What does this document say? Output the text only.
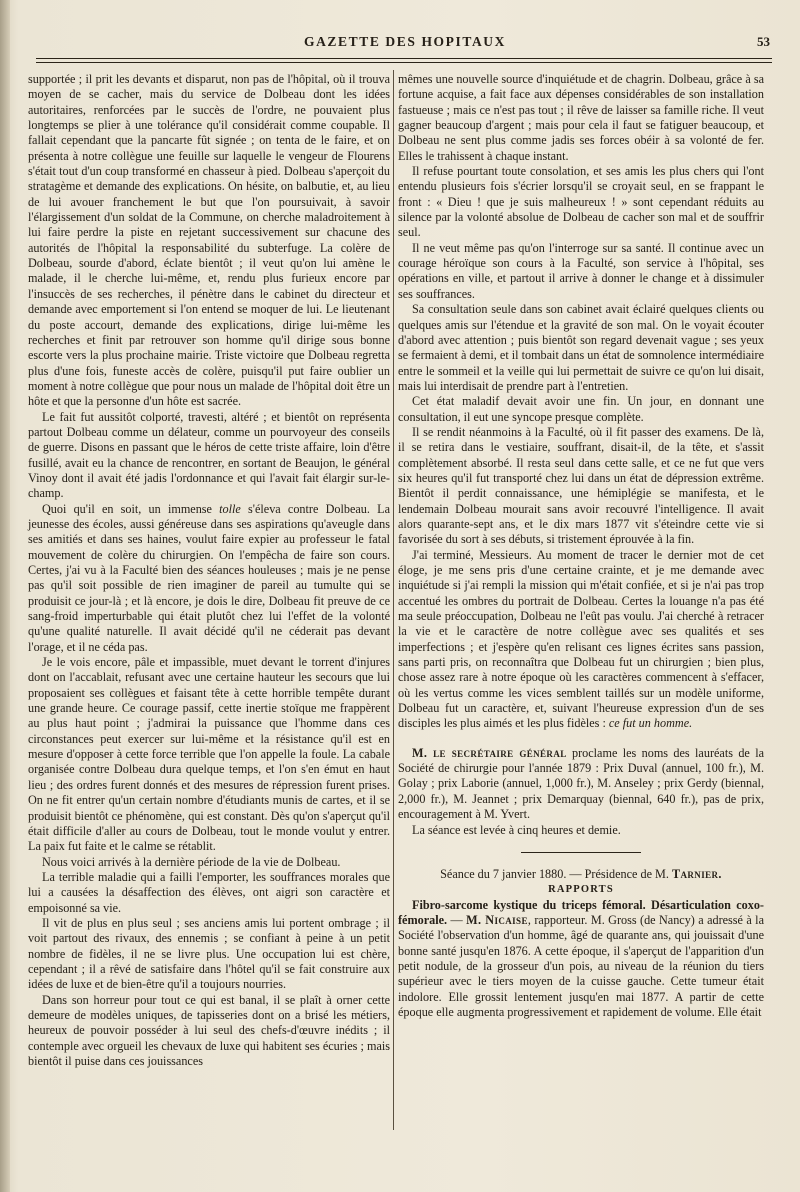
GAZETTE DES HOPITAUX	53

supportée ; il prit les devants et disparut, non pas de l'hôpital, où il trouva moyen de se cacher, mais du service de Dolbeau dont les idées autoritaires, renforcées par le succès de l'ordre, ne pouvaient plus longtemps se plier à une tolérance qu'il considérait comme coupable. Il fallait cependant que la pancarte fût signée ; on tenta de le faire, et on présenta à notre collègue une feuille sur laquelle le vengeur de Flourens s'était tout d'un coup transformé en chasseur à pied. Dolbeau s'aperçoit du stratagème et demande des explications. On hésite, on balbutie, et, au lieu de lui avouer franchement le but que l'on poursuivait, à savoir l'élargissement d'un soldat de la Commune, on cherche maladroitement à lui faire perdre la piste en rejetant successivement sur chacune des autorités de l'hôpital la responsabilité du subterfuge. La colère de Dolbeau, sourde d'abord, éclate bientôt ; il veut qu'on lui amène le malade, il le cherche lui-même, et, rendu plus furieux encore par l'insuccès de ses recherches, il pénètre dans le cabinet du directeur et demande avec emportement si l'on entend se moquer de lui. Le lieutenant du poste accourt, demande des explications, dirige lui-même les recherches et finit par retrouver son homme qu'il dirige sous bonne escorte vers la plus prochaine mairie. Triste victoire que Dolbeau regretta plus d'une fois, funeste accès de colère, puisqu'il put faire oublier un moment à notre collègue que pour nous un malade de l'hôpital doit être un hôte et que la personne d'un hôte est sacrée.

Le fait fut aussitôt colporté, travesti, altéré ; et bientôt on représenta partout Dolbeau comme un délateur, comme un pourvoyeur des conseils de guerre. Disons en passant que le héros de cette triste affaire, loin d'être fusillé, avait eu la chance de rencontrer, en sortant de Beaujon, le général Vinoy dont il avait été jadis l'ordonnance et qui l'avait fait élargir sur-le-champ.

Quoi qu'il en soit, un immense tolle s'éleva contre Dolbeau. La jeunesse des écoles, aussi généreuse dans ses aspirations qu'aveugle dans ses amitiés et dans ses haines, voulut faire expier au professeur le fatal mouvement de colère du chirurgien. On l'empêcha de faire son cours. Certes, j'ai vu à la Faculté bien des séances houleuses ; mais je ne pense pas qu'il soit possible de rien imaginer de pareil au tumulte qui se produisit ce jour-là ; et là encore, je dois le dire, Dolbeau fit preuve de ce sang-froid imperturbable qui était plutôt chez lui l'effet de la volonté qu'une qualité naturelle. Il avait décidé qu'il ne céderait pas devant l'orage, et il ne céda pas.

Je le vois encore, pâle et impassible, muet devant le torrent d'injures dont on l'accablait, refusant avec une certaine hauteur les secours que lui proposaient ses collègues et faisant tête à cette horrible tempête durant une grande heure. Ce courage passif, cette inertie stoïque me frappèrent au plus haut point ; j'admirai la puissance que l'homme dans ces circonstances peut exercer sur lui-même et la résistance qu'il est en mesure d'opposer à cette force terrible que l'on appelle la foule. La cabale organisée contre Dolbeau dura quelque temps, et l'on s'en émut en haut lieu ; des ordres furent donnés et des mesures de répression furent prises. On ne fit entrer qu'un certain nombre d'étudiants munis de cartes, et il se produisit bientôt ce phénomène, qui est constant. Dès qu'on s'aperçut qu'il était difficile d'aller au cours de Dolbeau, tout le monde voulut y entrer. La paix fut faite et le calme se rétablit.

Nous voici arrivés à la dernière période de la vie de Dolbeau.

La terrible maladie qui a failli l'emporter, les souffrances morales que lui a causées la désaffection des élèves, ont aigri son caractère et empoisonné sa vie.

Il vit de plus en plus seul ; ses anciens amis lui portent ombrage ; il voit partout des rivaux, des ennemis ; se confiant à peine à un petit nombre de fidèles, il ne se livre plus. Une occupation lui est chère, cependant ; il a rêvé de satisfaire dans l'hôtel qu'il se fait construire aux idées de luxe et de bien-être qu'il a toujours nourries.

Dans son horreur pour tout ce qui est banal, il se plaît à orner cette demeure de modèles uniques, de tapisseries dont on a brisé les métiers, heureux de pouvoir posséder à lui seul des chefs-d'œuvre inédits ; il contemple avec orgueil les chevaux de luxe qui habitent ses écuries ; mais bientôt il puise dans ces jouissances

mêmes une nouvelle source d'inquiétude et de chagrin. Dolbeau, grâce à sa fortune acquise, a fait face aux dépenses considérables de son installation fastueuse ; mais ce n'est pas tout ; il rêve de laisser sa famille riche. Il veut gagner beaucoup d'argent ; mais pour cela il faut se fatiguer beaucoup, et Dolbeau ne sent plus comme jadis ses forces obéir à sa volonté de fer. Elles le trahissent à chaque instant.

Il refuse pourtant toute consolation, et ses amis les plus chers qui l'ont entendu plusieurs fois s'écrier lorsqu'il se croyait seul, en se frappant le front : « Dieu ! que je suis malheureux ! » sont cependant réduits au silence par la volonté absolue de Dolbeau de cacher son mal et de souffrir seul.

Il ne veut même pas qu'on l'interroge sur sa santé. Il continue avec un courage héroïque son cours à la Faculté, son service à l'hôpital, ses opérations en ville, et partout il arrive à donner le change et à dissimuler ses souffrances.

Sa consultation seule dans son cabinet avait éclairé quelques clients ou quelques amis sur l'étendue et la gravité de son mal. On le voyait écouter d'abord avec attention ; puis bientôt son regard devenait vague ; ses yeux se fermaient à demi, et il tombait dans un état de somnolence intermédiaire entre le sommeil et la veille qui lui permettait de suivre ce qu'on lui disait, mais lui interdisait de prendre part à l'entretien.

Cet état maladif devait avoir une fin. Un jour, en donnant une consultation, il eut une syncope presque complète.

Il se rendit néanmoins à la Faculté, où il fit passer des examens. De là, il se retira dans le vestiaire, souffrant, disait-il, de la tête, et s'assit complètement absorbé. Il resta seul dans cette salle, et ce ne fut que vers six heures qu'il fut transporté chez lui dans un état de dépression extrême. Bientôt il perdit connaissance, une hémiplégie se manifesta, et le lendemain Dolbeau mourait sans avoir recouvré l'intelligence. Il avait alors quarante-sept ans, et le dix mars 1877 vit s'éteindre cette vie si favorisée du sort à ses débuts, si tristement éprouvée à la fin.

J'ai terminé, Messieurs. Au moment de tracer le dernier mot de cet éloge, je me sens pris d'une certaine crainte, et je me demande avec inquiétude si j'ai rempli la mission qui m'était confiée, et si je n'ai pas trop accentué les ombres du portrait de Dolbeau. Certes la louange n'a pas été ma seule préoccupation, Dolbeau ne l'eût pas voulu. J'ai cherché à retracer la vie et le caractère de notre collègue avec ses qualités et ses imperfections ; et j'espère qu'en relisant ces lignes écrites sans passion, sans parti pris, on reconnaîtra que Dolbeau fut un chirurgien ; bien plus, chose assez rare à notre époque où les caractères commencent à s'effacer, où les vertus comme les vices semblent taillés sur un modèle uniforme, Dolbeau fut un caractère, et, suivant l'heureuse expression d'un de ses disciples les plus aimés et les plus fidèles : ce fut un homme.

M. le secrétaire général proclame les noms des lauréats de la Société de chirurgie pour l'année 1879 : Prix Duval (annuel, 100 fr.), M. Golay ; prix Laborie (annuel, 1,000 fr.), M. Anseley ; prix Gerdy (biennal, 2,000 fr.), M. Jeannet ; prix Demarquay (biennal, 640 fr.), pas de prix, encouragement à M. Yvert.

La séance est levée à cinq heures et demie.

Séance du 7 janvier 1880. — Présidence de M. Tarnier.

RAPPORTS

Fibro-sarcome kystique du triceps fémoral. Désarticulation coxo-fémorale. — M. Nicaise, rapporteur. M. Gross (de Nancy) a adressé à la Société l'observation d'un homme, âgé de quarante ans, qui jouissait d'une bonne santé jusqu'en 1876. A cette époque, il s'aperçut de l'apparition d'un petit nodule, de la grosseur d'un pois, au niveau de la réunion du tiers supérieur avec le tiers moyen de la cuisse gauche. Cette tumeur était indolore. Elle grossit lentement jusqu'en mai 1877. A partir de cette époque elle augmenta progressivement et rapidement de volume. Elle était
